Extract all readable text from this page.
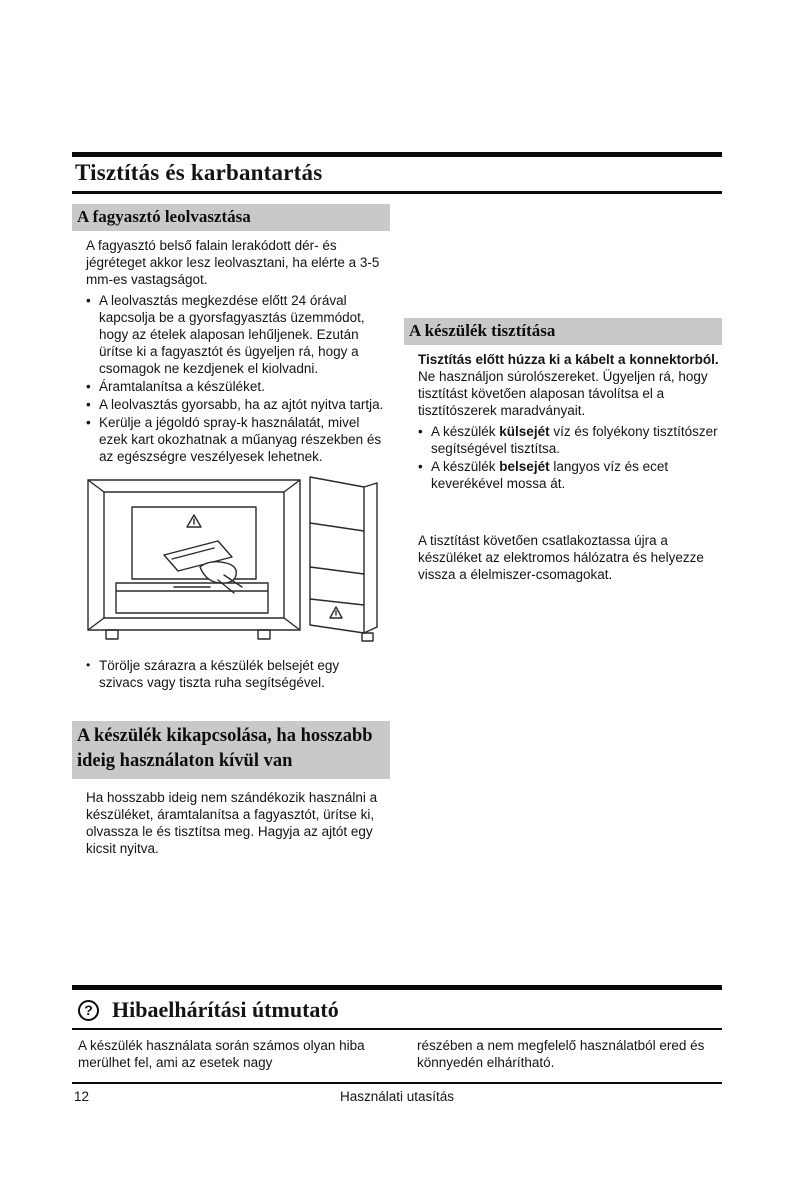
Tisztítás és karbantartás
A fagyasztó leolvasztása

A fagyasztó belső falain lerakódott dér- és jégréteget akkor lesz leolvasztani, ha elérte a 3-5 mm-es vastagságot.

• A leolvasztás megkezdése előtt 24 órával kapcsolja be a gyorsfagyasztás üzemmódot, hogy az ételek alaposan lehűljenek. Ezután ürítse ki a fagyasztót és ügyeljen rá, hogy a csomagok ne kezdjenek el kiolvadni.
• Áramtalanítsa a készüléket.
• A leolvasztás gyorsabb, ha az ajtót nyitva tartja.
• Kerülje a jégoldó spray-k használatát, mivel ezek kart okozhatnak a műanyag részekben és az egészségre veszélyesek lehetnek.
• Törölje szárazra a készülék belsejét egy szivacs vagy tiszta ruha segítségével.
A készülék kikapcsolása, ha hosszabb ideig használaton kívül van

Ha hosszabb ideig nem szándékozik használni a készüléket, áramtalanítsa a fagyasztót, ürítse ki, olvassza le és tisztítsa meg. Hagyja az ajtót egy kicsit nyitva.

A készülék tisztítása

Tisztítás előtt húzza ki a kábelt a konnektorból. Ne használjon súrolószereket. Ügyeljen rá, hogy tisztítást követően alaposan távolítsa el a tisztítószerek maradványait.

• A készülék külsejét víz és folyékony tisztítószer segítségével tisztítsa.
• A készülék belsejét langyos víz és ecet keverékével mossa át.

A tisztítást követően csatlakoztassa újra a készüléket az elektromos hálózatra és helyezze vissza a élelmiszer-csomagokat.

? Hibaelhárítási útmutató

A készülék használata során számos olyan hiba merülhet fel, ami az esetek nagy

részében a nem megfelelő használatból ered és könnyedén elhárítható.

12	Használati utasítás
